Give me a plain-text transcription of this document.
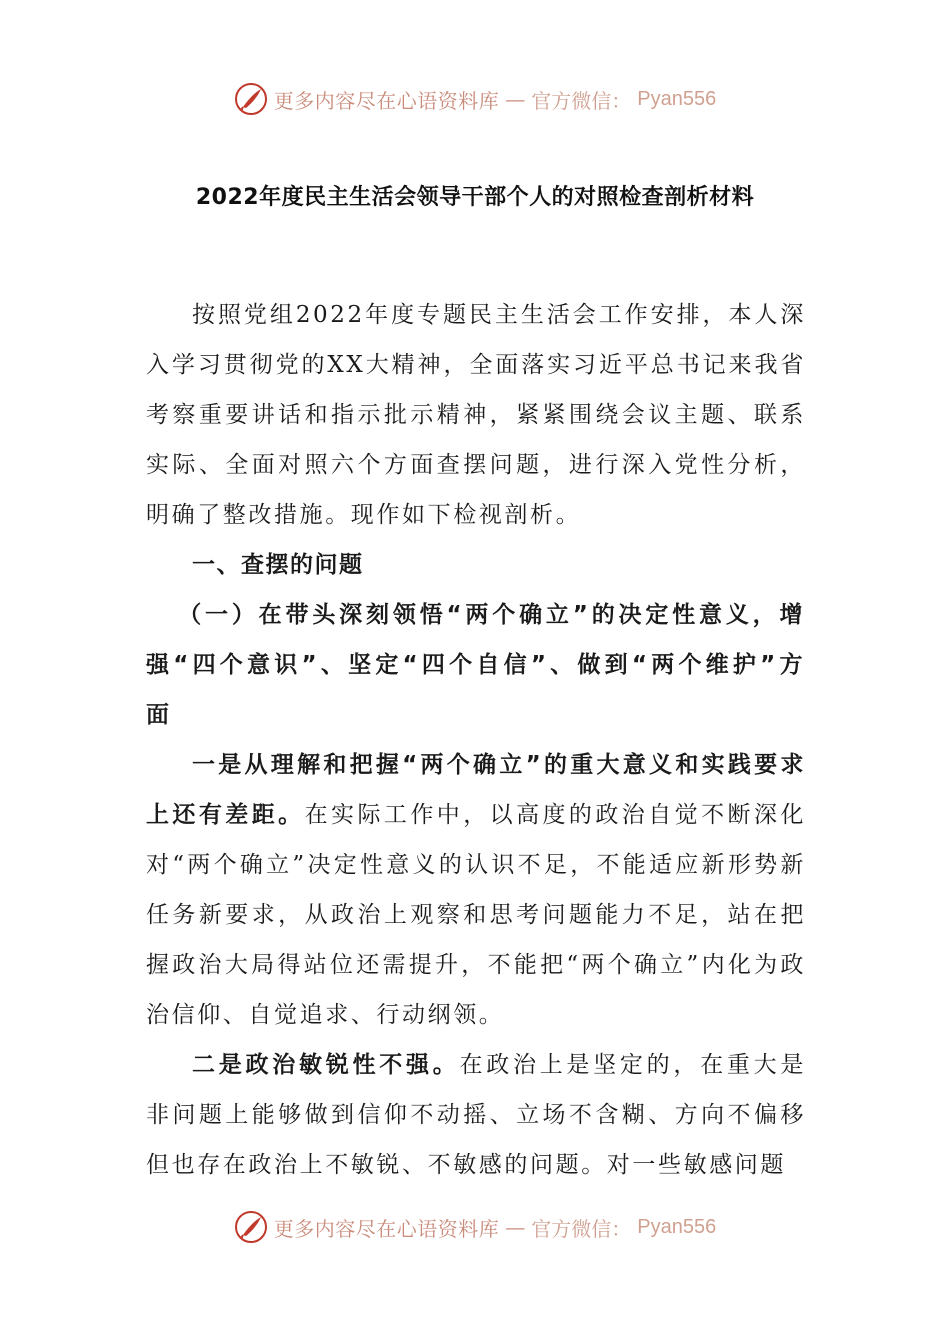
更多内容尽在心语资料库 — 官方微信： Pyan556
2022年度民主生活会领导干部个人的对照检查剖析材料

按照党组2022年度专题民主生活会工作安排，本人深入学习贯彻党的XX大精神，全面落实习近平总书记来我省考察重要讲话和指示批示精神，紧紧围绕会议主题、联系实际、全面对照六个方面查摆问题，进行深入党性分析，明确了整改措施。现作如下检视剖析。

一、查摆的问题

（一）在带头深刻领悟“两个确立”的决定性意义，增强“四个意识”、坚定“四个自信”、做到“两个维护”方面

一是从理解和把握“两个确立”的重大意义和实践要求上还有差距。在实际工作中，以高度的政治自觉不断深化对“两个确立”决定性意义的认识不足，不能适应新形势新任务新要求，从政治上观察和思考问题能力不足，站在把握政治大局得站位还需提升，不能把“两个确立”内化为政治信仰、自觉追求、行动纲领。

二是政治敏锐性不强。在政治上是坚定的，在重大是非问题上能够做到信仰不动摇、立场不含糊、方向不偏移但也存在政治上不敏锐、不敏感的问题。对一些敏感问题

更多内容尽在心语资料库 — 官方微信： Pyan556
